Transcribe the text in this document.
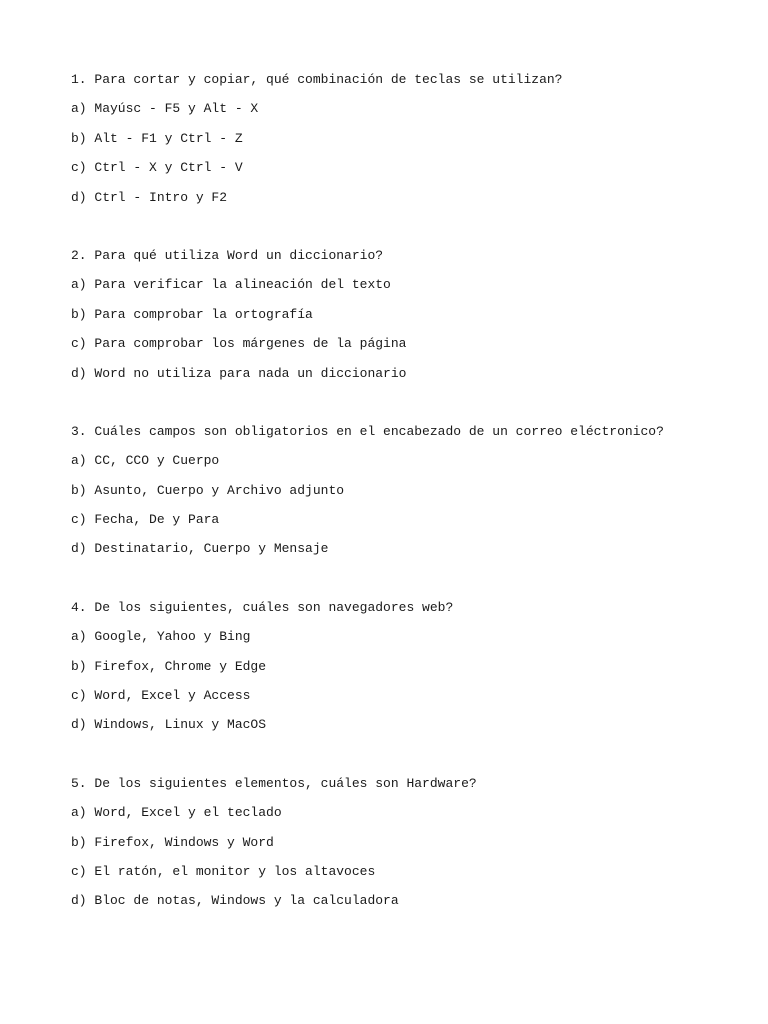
1. Para cortar y copiar, qué combinación de teclas se utilizan?
a) Mayúsc - F5 y Alt - X
b) Alt - F1 y Ctrl - Z
c) Ctrl - X y Ctrl - V
d) Ctrl - Intro y F2
2. Para qué utiliza Word un diccionario?
a) Para verificar la alineación del texto
b) Para comprobar la ortografía
c) Para comprobar los márgenes de la página
d) Word no utiliza para nada un diccionario
3. Cuáles campos son obligatorios en el encabezado de un correo eléctronico?
a) CC, CCO y Cuerpo
b) Asunto, Cuerpo y Archivo adjunto
c) Fecha, De y Para
d) Destinatario, Cuerpo y Mensaje
4. De los siguientes, cuáles son navegadores web?
a) Google, Yahoo y Bing
b) Firefox, Chrome y Edge
c) Word, Excel y Access
d) Windows, Linux y MacOS
5. De los siguientes elementos, cuáles son Hardware?
a) Word, Excel y el teclado
b) Firefox, Windows y Word
c) El ratón, el monitor y los altavoces
d) Bloc de notas, Windows y la calculadora
